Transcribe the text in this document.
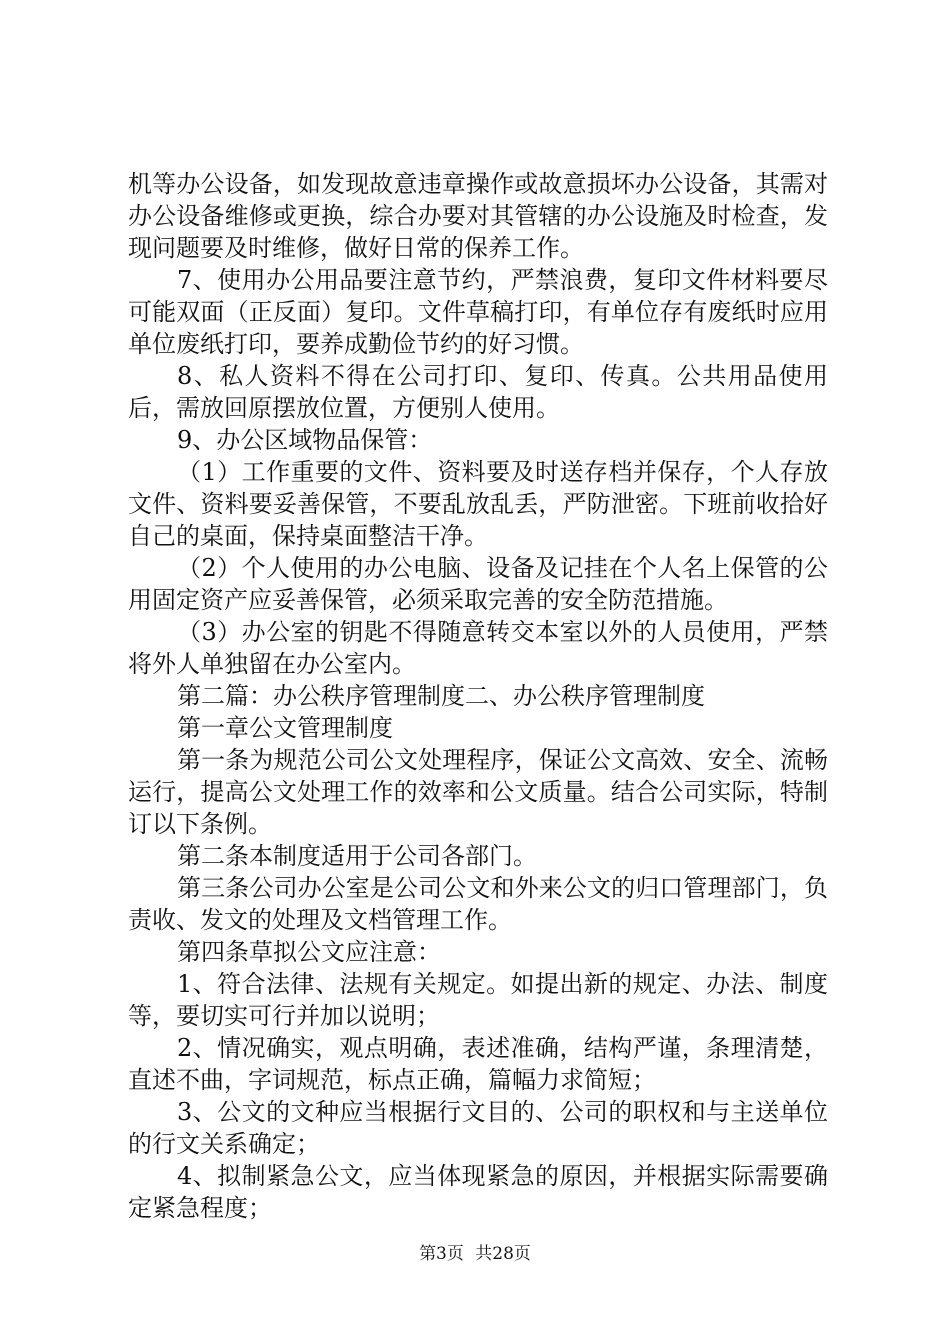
机等办公设备，如发现故意违章操作或故意损坏办公设备，其需对办公设备维修或更换，综合办要对其管辖的办公设施及时检查，发现问题要及时维修，做好日常的保养工作。

7、使用办公用品要注意节约，严禁浪费，复印文件材料要尽可能双面（正反面）复印。文件草稿打印，有单位存有废纸时应用单位废纸打印，要养成勤俭节约的好习惯。

8、私人资料不得在公司打印、复印、传真。公共用品使用后，需放回原摆放位置，方便别人使用。

9、办公区域物品保管：

（1）工作重要的文件、资料要及时送存档并保存，个人存放文件、资料要妥善保管，不要乱放乱丢，严防泄密。下班前收拾好自己的桌面，保持桌面整洁干净。

（2）个人使用的办公电脑、设备及记挂在个人名上保管的公用固定资产应妥善保管，必须采取完善的安全防范措施。

（3）办公室的钥匙不得随意转交本室以外的人员使用，严禁将外人单独留在办公室内。

第二篇：办公秩序管理制度二、办公秩序管理制度

第一章公文管理制度

第一条为规范公司公文处理程序，保证公文高效、安全、流畅运行，提高公文处理工作的效率和公文质量。结合公司实际，特制订以下条例。

第二条本制度适用于公司各部门。

第三条公司办公室是公司公文和外来公文的归口管理部门，负责收、发文的处理及文档管理工作。

第四条草拟公文应注意：

1、符合法律、法规有关规定。如提出新的规定、办法、制度等，要切实可行并加以说明；

2、情况确实，观点明确，表述准确，结构严谨，条理清楚，直述不曲，字词规范，标点正确，篇幅力求简短；

3、公文的文种应当根据行文目的、公司的职权和与主送单位的行文关系确定；

4、拟制紧急公文，应当体现紧急的原因，并根据实际需要确定紧急程度；

第3页 共28页
